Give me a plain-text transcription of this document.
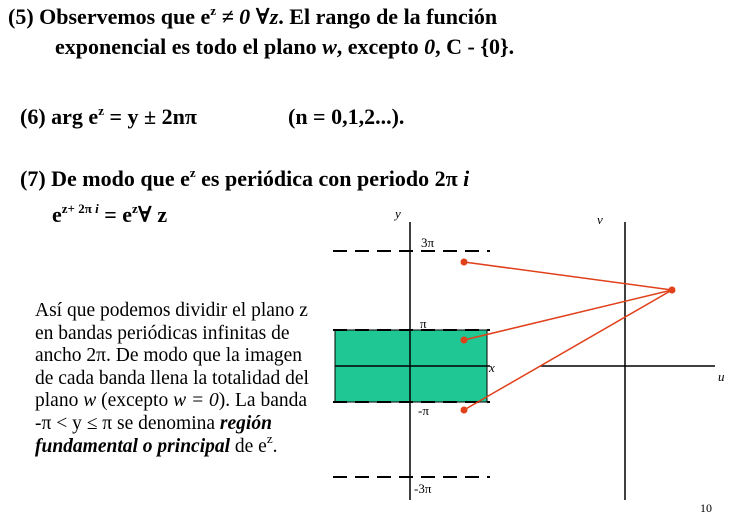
(5) Observemos que $e^z \ne 0$ ∀z. El rango de la función
exponencial es todo el plano w, excepto 0, C - {0}.
(6) arg $e^z = y \pm 2n\pi$	(n = 0,1,2...).
(7) De modo que $e^z$ es periódica con periodo 2π i
$e^{z+ 2\pi i}$ = $e^z\forall$ z
Así que podemos dividir el plano z en bandas periódicas infinitas de ancho 2π. De modo que la imagen de cada banda llena la totalidad del plano w (excepto w = 0). La banda -π < y ≤ π se denomina región fundamental o principal de $e^z$.
y
x
v
u
3π
π
-π
-3π
10
